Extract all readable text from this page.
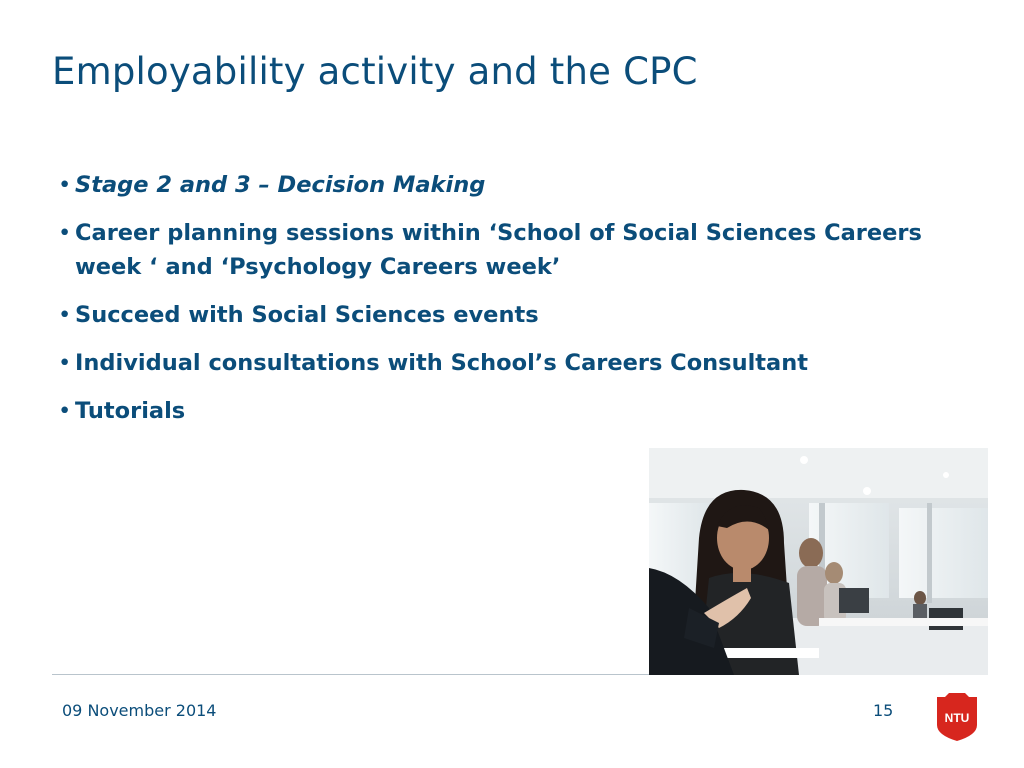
Employability activity and the CPC
• Stage 2 and 3 – Decision Making
• Career planning sessions within ‘School of Social Sciences Careers week ‘ and ‘Psychology Careers week’
• Succeed with Social Sciences events
• Individual consultations with School’s Careers Consultant
• Tutorials
09 November 2014	15	NTU
